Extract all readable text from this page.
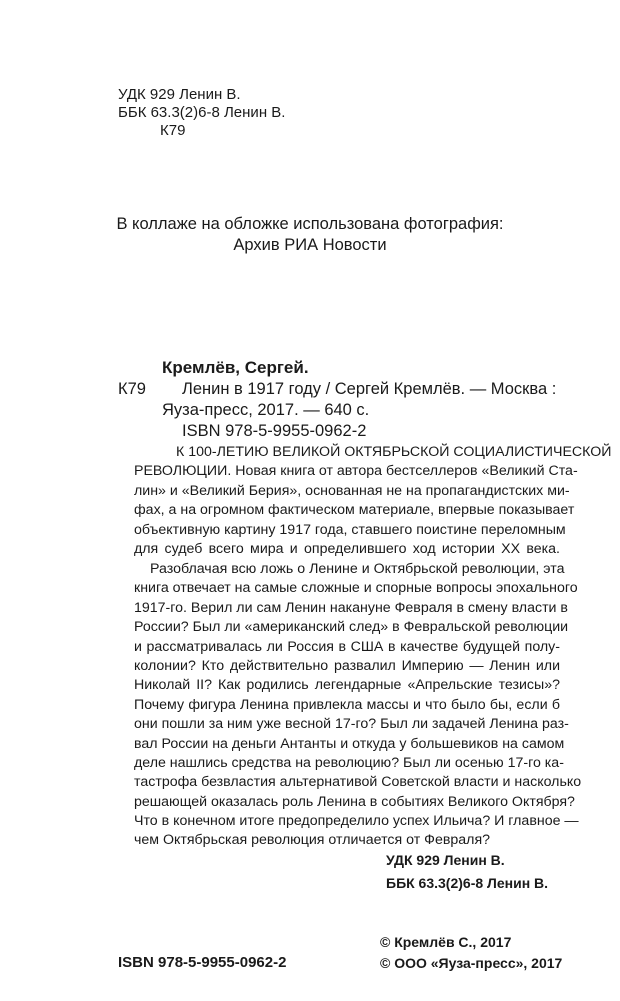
УДК 929 Ленин В.

ББК 63.3(2)6-8 Ленин В.

К79

В коллаже на обложке использована фотография:

Архив РИА Новости

Кремлёв, Сергей.

К79 Ленин в 1917 году / Сергей Кремлёв. — Москва :

Яуза-пресс, 2017. — 640 с.

ISBN 978-5-9955-0962-2

К 100-ЛЕТИЮ ВЕЛИКОЙ ОКТЯБРЬСКОЙ СОЦИАЛИСТИЧЕСКОЙ
РЕВОЛЮЦИИ. Новая книга от автора бестселлеров «Великий Ста-
лин» и «Великий Берия», основанная не на пропагандистских ми-
фах, а на огромном фактическом материале, впервые показывает
объективную картину 1917 года, ставшего поистине переломным
для судеб всего мира и определившего ход истории XX века.
Разоблачая всю ложь о Ленине и Октябрьской революции, эта
книга отвечает на самые сложные и спорные вопросы эпохального
1917-го. Верил ли сам Ленин накануне Февраля в смену власти в
России? Был ли «американский след» в Февральской революции
и рассматривалась ли Россия в США в качестве будущей полу-
колонии? Кто действительно развалил Империю — Ленин или
Николай II? Как родились легендарные «Апрельские тезисы»?
Почему фигура Ленина привлекла массы и что было бы, если б
они пошли за ним уже весной 17-го? Был ли задачей Ленина раз-
вал России на деньги Антанты и откуда у большевиков на самом
деле нашлись средства на революцию? Был ли осенью 17-го ка-
тастрофа безвластия альтернативой Советской власти и насколько
решающей оказалась роль Ленина в событиях Великого Октября?
Что в конечном итоге предопределило успех Ильича? И главное —
чем Октябрьская революция отличается от Февраля?

УДК 929 Ленин В.

ББК 63.3(2)6-8 Ленин В.

© Кремлёв С., 2017

ISBN 978-5-9955-0962-2	© ООО «Яуза-пресс», 2017
